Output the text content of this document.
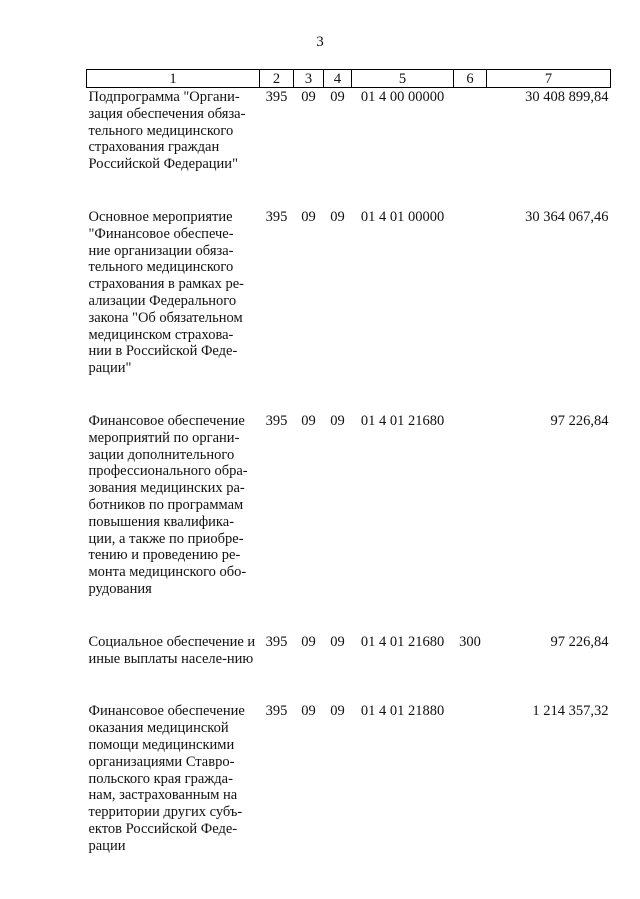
3
1	2	3	4	5	6	7
Подпрограмма "Органи-зация обеспечения обяза-тельного медицинского страхования граждан Российской Федерации"	395	09	09	01 4 00 00000		30 408 899,84
Основное мероприятие "Финансовое обеспече-ние организации обяза-тельного медицинского страхования в рамках ре-ализации Федерального закона "Об обязательном медицинском страхова-нии в Российской Феде-рации"	395	09	09	01 4 01 00000		30 364 067,46
Финансовое обеспечение мероприятий по органи-зации дополнительного профессионального обра-зования медицинских ра-ботников по программам повышения квалифика-ции, а также по приобре-тению и проведению ре-монта медицинского обо-рудования	395	09	09	01 4 01 21680		97 226,84
Социальное обеспечение и иные выплаты населе-нию	395	09	09	01 4 01 21680	300	97 226,84
Финансовое обеспечение оказания медицинской помощи медицинскими организациями Ставро-польского края гражда-нам, застрахованным на территории других субъ-ектов Российской Феде-рации	395	09	09	01 4 01 21880		1 214 357,32
